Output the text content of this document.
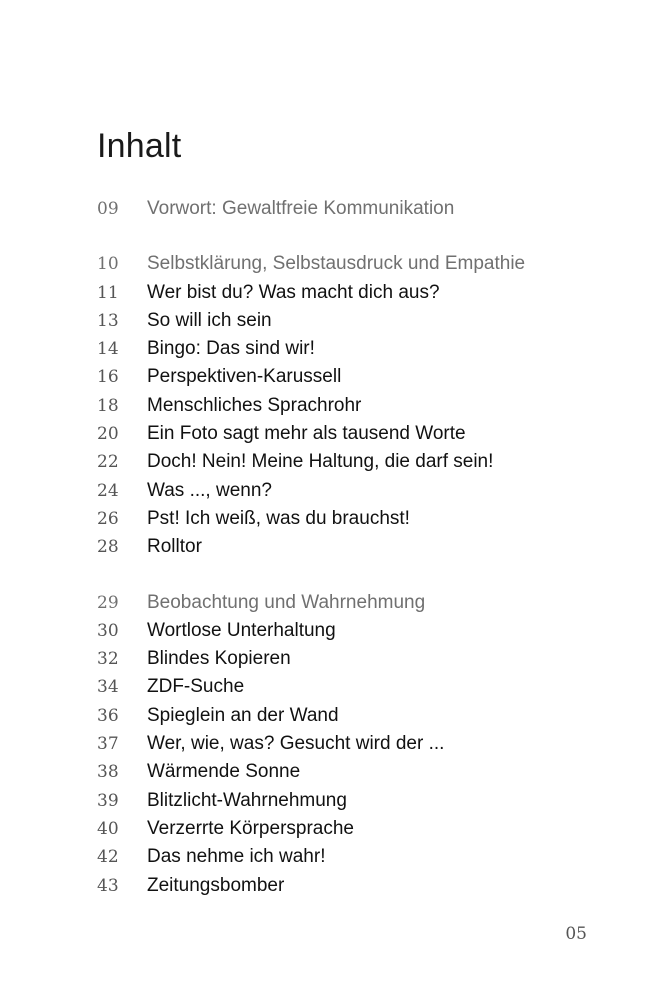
Inhalt
09	Vorwort: Gewaltfreie Kommunikation
10	Selbstklärung, Selbstausdruck und Empathie
11	Wer bist du? Was macht dich aus?
13	So will ich sein
14	Bingo: Das sind wir!
16	Perspektiven-Karussell
18	Menschliches Sprachrohr
20	Ein Foto sagt mehr als tausend Worte
22	Doch! Nein! Meine Haltung, die darf sein!
24	Was ..., wenn?
26	Pst! Ich weiß, was du brauchst!
28	Rolltor
29	Beobachtung und Wahrnehmung
30	Wortlose Unterhaltung
32	Blindes Kopieren
34	ZDF-Suche
36	Spieglein an der Wand
37	Wer, wie, was? Gesucht wird der ...
38	Wärmende Sonne
39	Blitzlicht-Wahrnehmung
40	Verzerrte Körpersprache
42	Das nehme ich wahr!
43	Zeitungsbomber
05
